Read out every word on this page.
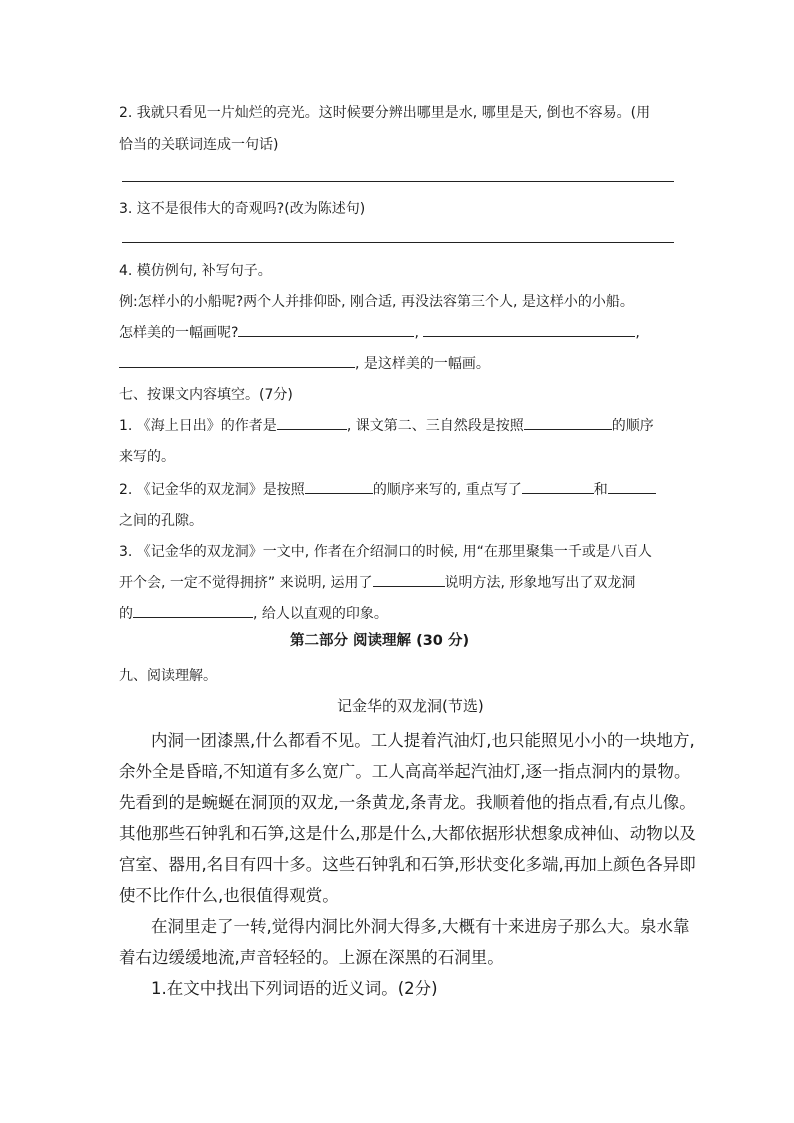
2. 我就只看见一片灿烂的亮光。这时候要分辨出哪里是水, 哪里是天, 倒也不容易。(用
恰当的关联词连成一句话)
3. 这不是很伟大的奇观吗?(改为陈述句)
4. 模仿例句, 补写句子。
例:怎样小的小船呢?两个人并排仰卧, 刚合适, 再没法容第三个人, 是这样小的小船。
怎样美的一幅画呢?	,	,
, 是这样美的一幅画。
七、按课文内容填空。(7分)
1. 《海上日出》的作者是	, 课文第二、三自然段是按照	的顺序
来写的。
2. 《记金华的双龙洞》是按照	的顺序来写的, 重点写了	和
之间的孔隙。
3. 《记金华的双龙洞》一文中, 作者在介绍洞口的时候, 用“在那里聚集一千或是八百人
开个会, 一定不觉得拥挤” 来说明, 运用了	说明方法, 形象地写出了双龙洞
的	, 给人以直观的印象。
第二部分 阅读理解 (30 分)
九、阅读理解。
记金华的双龙洞(节选)
内洞一团漆黑,什么都看不见。工人提着汽油灯,也只能照见小小的一块地方,
余外全是昏暗,不知道有多么宽广。工人高高举起汽油灯,逐一指点洞内的景物。
先看到的是蜿蜒在洞顶的双龙,一条黄龙,条青龙。我顺着他的指点看,有点儿像。
其他那些石钟乳和石笋,这是什么,那是什么,大都依据形状想象成神仙、动物以及
宫室、器用,名目有四十多。这些石钟乳和石笋,形状变化多端,再加上颜色各异即
使不比作什么,也很值得观赏。
在洞里走了一转,觉得内洞比外洞大得多,大概有十来进房子那么大。泉水靠
着右边缓缓地流,声音轻轻的。上源在深黑的石洞里。
1.在文中找出下列词语的近义词。(2分)
